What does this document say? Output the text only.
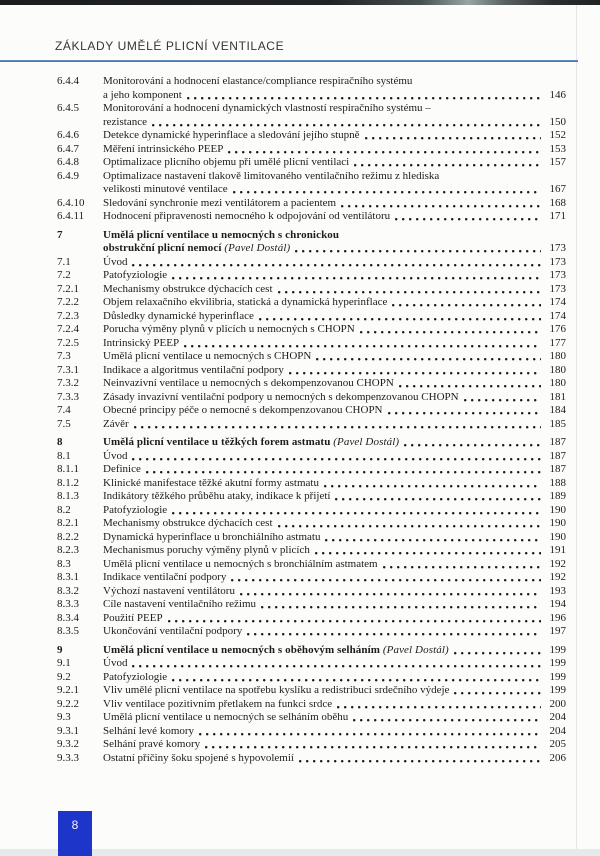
ZÁKLADY UMĚLÉ PLICNÍ VENTILACE
6.4.4	Monitorování a hodnocení elastance/compliance respiračního systému
a jeho komponent	146
6.4.5	Monitorování a hodnocení dynamických vlastností respiračního systému –
rezistance	150
6.4.6	Detekce dynamické hyperinflace a sledování jejího stupně	152
6.4.7	Měření intrinsického PEEP	153
6.4.8	Optimalizace plicního objemu při umělé plicní ventilaci	157
6.4.9	Optimalizace nastavení tlakově limitovaného ventilačního režimu z hlediska
velikosti minutové ventilace	167
6.4.10	Sledování synchronie mezi ventilátorem a pacientem	168
6.4.11	Hodnocení připravenosti nemocného k odpojování od ventilátoru	171
7	Umělá plicní ventilace u nemocných s chronickou
obstrukční plicní nemocí (Pavel Dostál)	173
7.1	Úvod	173
7.2	Patofyziologie	173
7.2.1	Mechanismy obstrukce dýchacích cest	173
7.2.2	Objem relaxačního ekvilibria, statická a dynamická hyperinflace	174
7.2.3	Důsledky dynamické hyperinflace	174
7.2.4	Porucha výměny plynů v plicích u nemocných s CHOPN	176
7.2.5	Intrinsický PEEP	177
7.3	Umělá plicní ventilace u nemocných s CHOPN	180
7.3.1	Indikace a algoritmus ventilační podpory	180
7.3.2	Neinvazivní ventilace u nemocných s dekompenzovanou CHOPN	180
7.3.3	Zásady invazivní ventilační podpory u nemocných s dekompenzovanou CHOPN	181
7.4	Obecné principy péče o nemocné s dekompenzovanou CHOPN	184
7.5	Závěr	185
8	Umělá plicní ventilace u těžkých forem astmatu (Pavel Dostál)	187
8.1	Úvod	187
8.1.1	Definice	187
8.1.2	Klinické manifestace těžké akutní formy astmatu	188
8.1.3	Indikátory těžkého průběhu ataky, indikace k přijetí	189
8.2	Patofyziologie	190
8.2.1	Mechanismy obstrukce dýchacích cest	190
8.2.2	Dynamická hyperinflace u bronchiálního astmatu	190
8.2.3	Mechanismus poruchy výměny plynů v plicích	191
8.3	Umělá plicní ventilace u nemocných s bronchiálním astmatem	192
8.3.1	Indikace ventilační podpory	192
8.3.2	Výchozí nastavení ventilátoru	193
8.3.3	Cíle nastavení ventilačního režimu	194
8.3.4	Použití PEEP	196
8.3.5	Ukončování ventilační podpory	197
9	Umělá plicní ventilace u nemocných s oběhovým selháním (Pavel Dostál)	199
9.1	Úvod	199
9.2	Patofyziologie	199
9.2.1	Vliv umělé plicní ventilace na spotřebu kyslíku a redistribuci srdečního výdeje	199
9.2.2	Vliv ventilace pozitivním přetlakem na funkci srdce	200
9.3	Umělá plicní ventilace u nemocných se selháním oběhu	204
9.3.1	Selhání levé komory	204
9.3.2	Selhání pravé komory	205
9.3.3	Ostatní příčiny šoku spojené s hypovolemií	206
8
